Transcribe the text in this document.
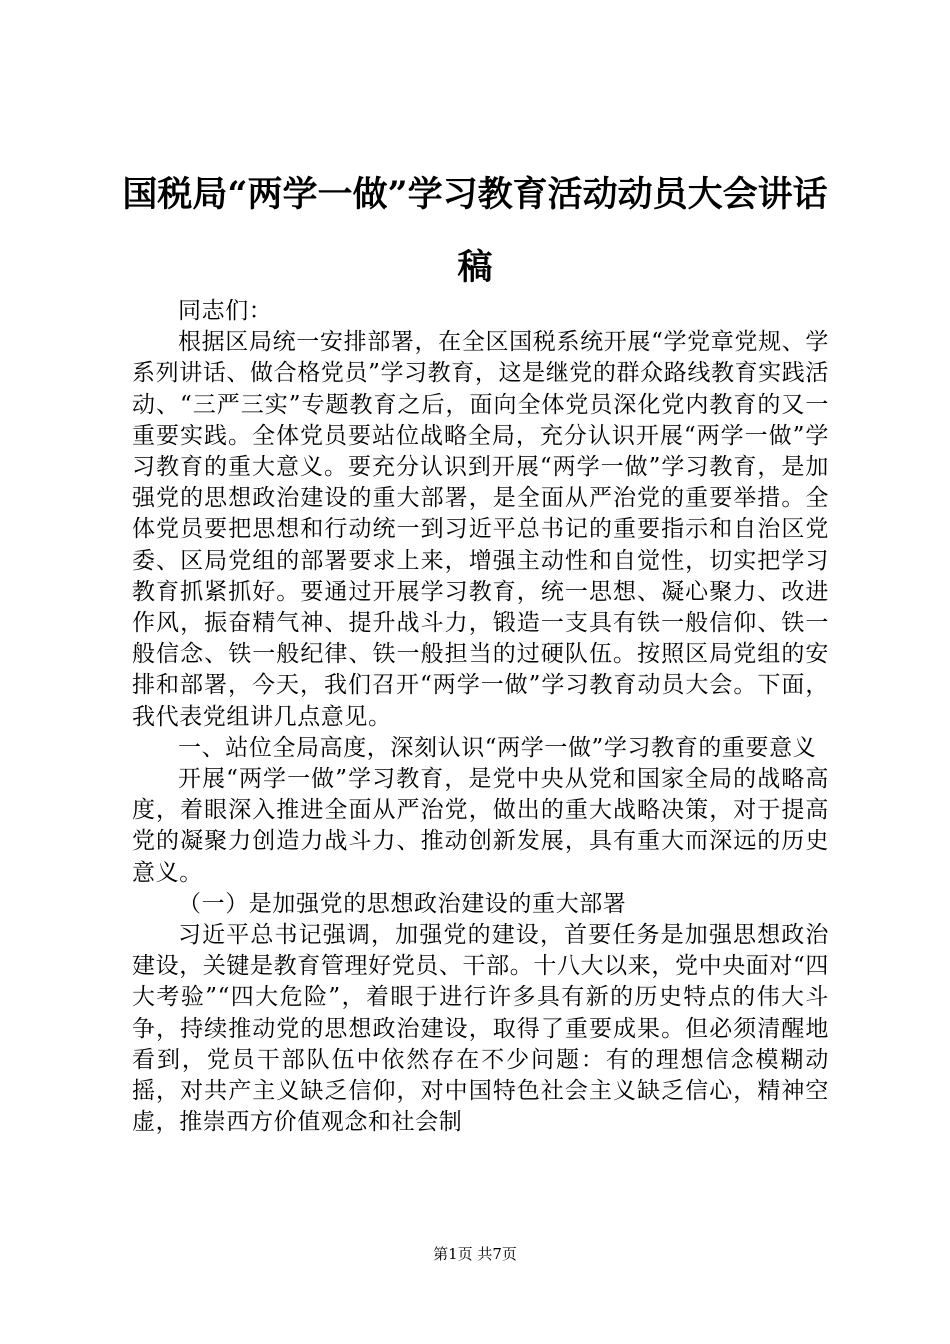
国税局“两学一做”学习教育活动动员大会讲话稿

同志们：

根据区局统一安排部署，在全区国税系统开展“学党章党规、学系列讲话、做合格党员”学习教育，这是继党的群众路线教育实践活动、“三严三实”专题教育之后，面向全体党员深化党内教育的又一重要实践。全体党员要站位战略全局，充分认识开展“两学一做”学习教育的重大意义。要充分认识到开展“两学一做”学习教育，是加强党的思想政治建设的重大部署，是全面从严治党的重要举措。全体党员要把思想和行动统一到习近平总书记的重要指示和自治区党委、区局党组的部署要求上来，增强主动性和自觉性，切实把学习教育抓紧抓好。要通过开展学习教育，统一思想、凝心聚力、改进作风，振奋精气神、提升战斗力，锻造一支具有铁一般信仰、铁一般信念、铁一般纪律、铁一般担当的过硬队伍。按照区局党组的安排和部署，今天，我们召开“两学一做”学习教育动员大会。下面，我代表党组讲几点意见。

一、站位全局高度，深刻认识“两学一做”学习教育的重要意义

开展“两学一做”学习教育，是党中央从党和国家全局的战略高度，着眼深入推进全面从严治党，做出的重大战略决策，对于提高党的凝聚力创造力战斗力、推动创新发展，具有重大而深远的历史意义。

（一）是加强党的思想政治建设的重大部署

习近平总书记强调，加强党的建设，首要任务是加强思想政治建设，关键是教育管理好党员、干部。十八大以来，党中央面对“四大考验”“四大危险”，着眼于进行许多具有新的历史特点的伟大斗争，持续推动党的思想政治建设，取得了重要成果。但必须清醒地看到，党员干部队伍中依然存在不少问题：有的理想信念模糊动摇，对共产主义缺乏信仰，对中国特色社会主义缺乏信心，精神空虚，推崇西方价值观念和社会制

第1页 共7页
